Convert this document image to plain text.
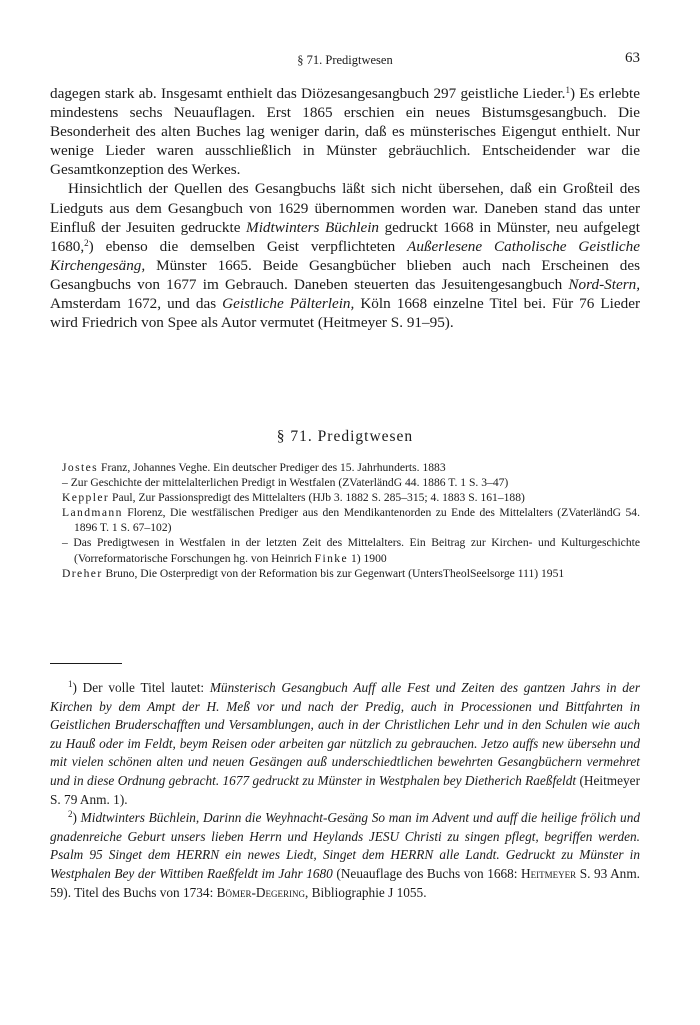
§ 71. Predigtwesen	63

dagegen stark ab. Insgesamt enthielt das Diözesangesangbuch 297 geistliche Lieder.$^1$) Es erlebte mindestens sechs Neuauflagen. Erst 1865 erschien ein neues Bistumsgesangbuch. Die Besonderheit des alten Buches lag weniger darin, daß es münsterisches Eigengut enthielt. Nur wenige Lieder waren ausschließlich in Münster gebräuchlich. Entscheidender war die Gesamtkonzeption des Werkes.

Hinsichtlich der Quellen des Gesangbuchs läßt sich nicht übersehen, daß ein Großteil des Liedguts aus dem Gesangbuch von 1629 übernommen worden war. Daneben stand das unter Einfluß der Jesuiten gedruckte Midtwinters Büchlein gedruckt 1668 in Münster, neu aufgelegt 1680,$^2$) ebenso die demselben Geist verpflichteten Außerlesene Catholische Geistliche Kirchengesäng, Münster 1665. Beide Gesangbücher blieben auch nach Erscheinen des Gesangbuchs von 1677 im Gebrauch. Daneben steuerten das Jesuitengesangbuch Nord-Stern, Amsterdam 1672, und das Geistliche Pälterlein, Köln 1668 einzelne Titel bei. Für 76 Lieder wird Friedrich von Spee als Autor vermutet (Heitmeyer S. 91–95).

§ 71. Predigtwesen
Jostes Franz, Johannes Veghe. Ein deutscher Prediger des 15. Jahrhunderts. 1883
– Zur Geschichte der mittelalterlichen Predigt in Westfalen (ZVaterländG 44. 1886 T. 1 S. 3–47)
Keppler Paul, Zur Passionspredigt des Mittelalters (HJb 3. 1882 S. 285–315; 4. 1883 S. 161–188)
Landmann Florenz, Die westfälischen Prediger aus den Mendikantenorden zu Ende des Mittelalters (ZVaterländG 54. 1896 T. 1 S. 67–102)
– Das Predigtwesen in Westfalen in der letzten Zeit des Mittelalters. Ein Beitrag zur Kirchen- und Kulturgeschichte (Vorreformatorische Forschungen hg. von Heinrich Finke 1) 1900
Dreher Bruno, Die Osterpredigt von der Reformation bis zur Gegenwart (UntersTheolSeelsorge 111) 1951

$^1$) Der volle Titel lautet: Münsterisch Gesangbuch Auff alle Fest und Zeiten des gantzen Jahrs in der Kirchen by dem Ampt der H. Meß vor und nach der Predig, auch in Processionen und Bittfahrten in Geistlichen Bruderschafften und Versamblungen, auch in der Christlichen Lehr und in den Schulen wie auch zu Hauß oder im Feldt, beym Reisen oder arbeiten gar nützlich zu gebrauchen. Jetzo auffs new übersehn und mit vielen schönen alten und neuen Gesängen auß underschiedtlichen bewehrten Gesangbüchern vermehret und in diese Ordnung gebracht. 1677 gedruckt zu Münster in Westphalen bey Dietherich Raeßfeldt (Heitmeyer S. 79 Anm. 1).

$^2$) Midtwinters Büchlein, Darinn die Weyhnacht-Gesäng So man im Advent und auff die heilige frölich und gnadenreiche Geburt unsers lieben Herrn und Heylands JESU Christi zu singen pflegt, begriffen werden. Psalm 95 Singet dem HERRN ein newes Liedt, Singet dem HERRN alle Landt. Gedruckt zu Münster in Westphalen Bey der Wittiben Raeßfeldt im Jahr 1680 (Neuauflage des Buchs von 1668: Heitmeyer S. 93 Anm. 59). Titel des Buchs von 1734: Bömer-Degering, Bibliographie J 1055.
